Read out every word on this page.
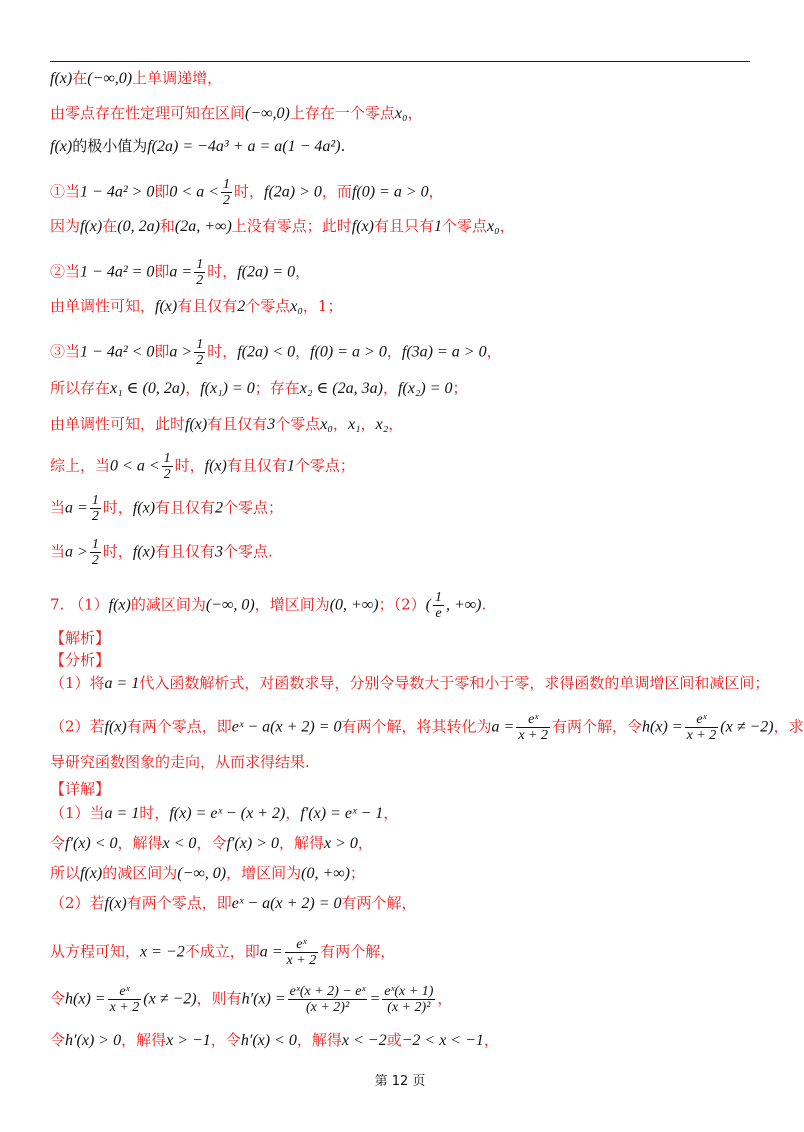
f(x)在(−∞,0)上单调递增，
由零点存在性定理可知在区间(−∞,0)上存在一个零点x₀，
f(x)的极小值为f(2a) = −4a³ + a = a(1 − 4a²).
①当1 − 4a² > 0即$0 < a < \frac{1}{2}$ 时，f(2a) > 0，而f(0) = a > 0，
因为f(x)在(0, 2a)和(2a, +∞)上没有零点；此时f(x)有且只有1个零点x₀，
②当1 − 4a² = 0即$a = \frac{1}{2}$ 时，f(2a) = 0，
由单调性可知，f(x)有且仅有2个零点x₀，1；
③当1 − 4a² < 0即$a > \frac{1}{2}$ 时，f(2a) < 0，f(0) = a > 0，f(3a) = a > 0，
所以存在x₁ ∈ (0, 2a)，f(x₁) = 0；存在x₂ ∈ (2a, 3a)，f(x₂) = 0；
由单调性可知，此时f(x)有且仅有3个零点x₀，x₁，x₂，
综上，当$0 < a < \frac{1}{2}$ 时，f(x)有且仅有1个零点；
当$a = \frac{1}{2}$ 时，f(x)有且仅有2个零点；
当$a > \frac{1}{2}$ 时，f(x)有且仅有3个零点.
7. （1）f(x)的减区间为(−∞, 0)，增区间为(0, +∞)；$(2)( \frac{1}{e}$ , +∞).
【解析】
【分析】
（1）将a = 1代入函数解析式，对函数求导，分别令导数大于零和小于零，求得函数的单调增区间和减区间；
（2）若f(x)有两个零点，即eˣ − a(x + 2) = 0有两个解，将其转化为$a = \frac{\text{eˣ}}{x + 2}$ 有两个解，令$h(x) = \frac{\text{eˣ}}{x + 2} (x \ne -2)$，求
导研究函数图象的走向，从而求得结果.
【详解】
（1）当a = 1时，f(x) = eˣ − (x + 2)，f′(x) = eˣ − 1，
令f′(x) < 0，解得x < 0，令f′(x) > 0，解得x > 0，
所以f(x)的减区间为(−∞, 0)，增区间为(0, +∞)；
（2）若f(x)有两个零点，即eˣ − a(x + 2) = 0有两个解，
从方程可知，x = −2不成立，即$a = \frac{\text{eˣ}}{x + 2}$ 有两个解，
令$h(x) = \frac{\text{eˣ}}{x + 2} (x \ne -2)$，则有$h'(x) = \frac{\text{eˣ(x + 2) − eˣ}}{\text{(x + 2)²}} = \frac{\text{eˣ(x + 1)}}{\text{(x + 2)²}}$ ，
令h′(x) > 0，解得x > −1，令h′(x) < 0，解得x < −2或−2 < x < −1，
第 12 页
